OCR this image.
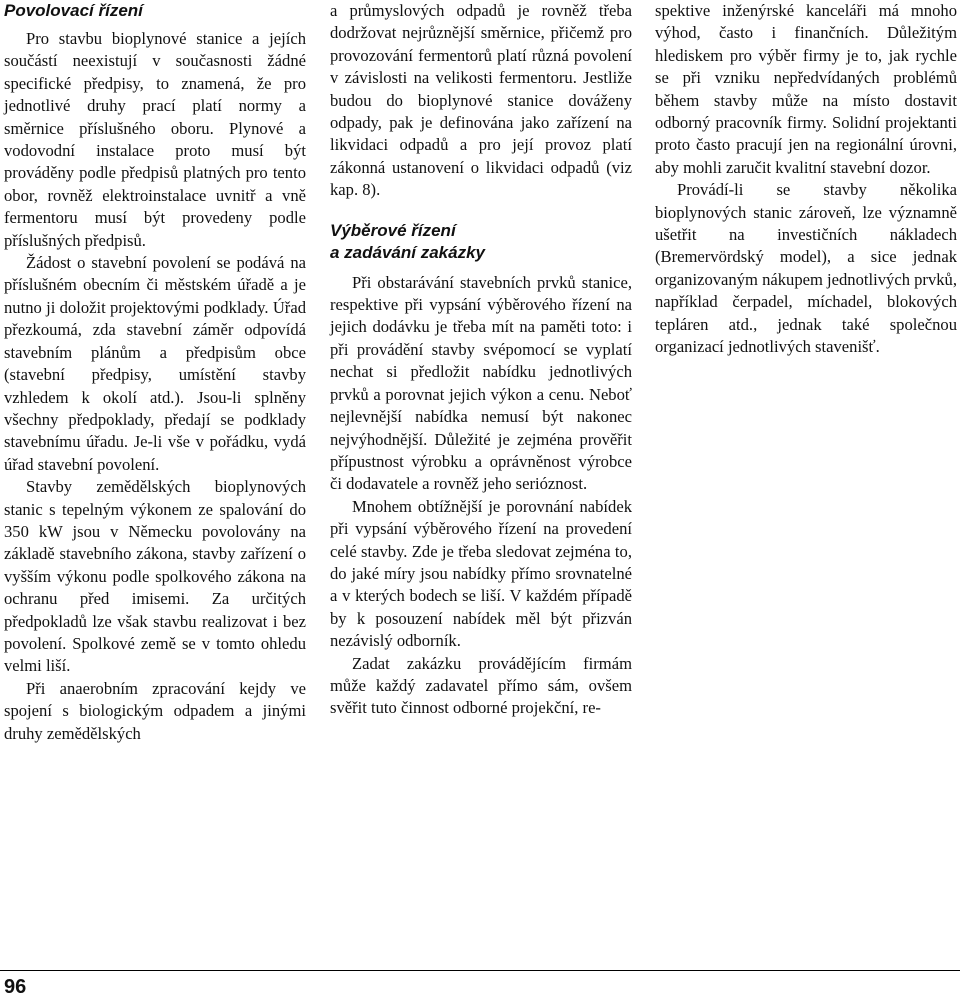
Povolovací řízení

Pro stavbu bioplynové stanice a jejích součástí neexistují v současnosti žádné specifické předpisy, to znamená, že pro jednotlivé druhy prací platí normy a směrnice příslušného oboru. Plynové a vodovodní instalace proto musí být prováděny podle předpisů platných pro tento obor, rovněž elektroinstalace uvnitř a vně fermentoru musí být provedeny podle příslušných předpisů.

Žádost o stavební povolení se podává na příslušném obecním či městském úřadě a je nutno ji doložit projektovými podklady. Úřad přezkoumá, zda stavební záměr odpovídá stavebním plánům a předpisům obce (stavební předpisy, umístění stavby vzhledem k okolí atd.). Jsou-li splněny všechny předpoklady, předají se podklady stavebnímu úřadu. Je-li vše v pořádku, vydá úřad stavební povolení.

Stavby zemědělských bioplynových stanic s tepelným výkonem ze spalování do 350 kW jsou v Německu povolovány na základě stavebního zákona, stavby zařízení o vyšším výkonu podle spolkového zákona na ochranu před imisemi. Za určitých předpokladů lze však stavbu realizovat i bez povolení. Spolkové země se v tomto ohledu velmi liší.

Při anaerobním zpracování kejdy ve spojení s biologickým odpadem a jinými druhy zemědělských

a průmyslových odpadů je rovněž třeba dodržovat nejrůznější směrnice, přičemž pro provozování fermentorů platí různá povolení v závislosti na velikosti fermentoru. Jestliže budou do bioplynové stanice dováženy odpady, pak je definována jako zařízení na likvidaci odpadů a pro její provoz platí zákonná ustanovení o likvidaci odpadů (viz kap. 8).

Výběrové řízení
a zadávání zakázky

Při obstarávání stavebních prvků stanice, respektive při vypsání výběrového řízení na jejich dodávku je třeba mít na paměti toto: i při provádění stavby svépomocí se vyplatí nechat si předložit nabídku jednotlivých prvků a porovnat jejich výkon a cenu. Neboť nejlevnější nabídka nemusí být nakonec nejvýhodnější. Důležité je zejména prověřit přípustnost výrobku a oprávněnost výrobce či dodavatele a rovněž jeho serióznost.

Mnohem obtížnější je porovnání nabídek při vypsání výběrového řízení na provedení celé stavby. Zde je třeba sledovat zejména to, do jaké míry jsou nabídky přímo srovnatelné a v kterých bodech se liší. V každém případě by k posouzení nabídek měl být přizván nezávislý odborník.

Zadat zakázku provádějícím firmám může každý zadavatel přímo sám, ovšem svěřit tuto činnost odborné projekční, re-

spektive inženýrské kanceláři má mnoho výhod, často i finančních. Důležitým hlediskem pro výběr firmy je to, jak rychle se při vzniku nepředvídaných problémů během stavby může na místo dostavit odborný pracovník firmy. Solidní projektanti proto často pracují jen na regionální úrovni, aby mohli zaručit kvalitní stavební dozor.

Provádí-li se stavby několika bioplynových stanic zároveň, lze významně ušetřit na investičních nákladech (Bremervördský model), a sice jednak organizovaným nákupem jednotlivých prvků, například čerpadel, míchadel, blokových tepláren atd., jednak také společnou organizací jednotlivých stavenišť.

96
